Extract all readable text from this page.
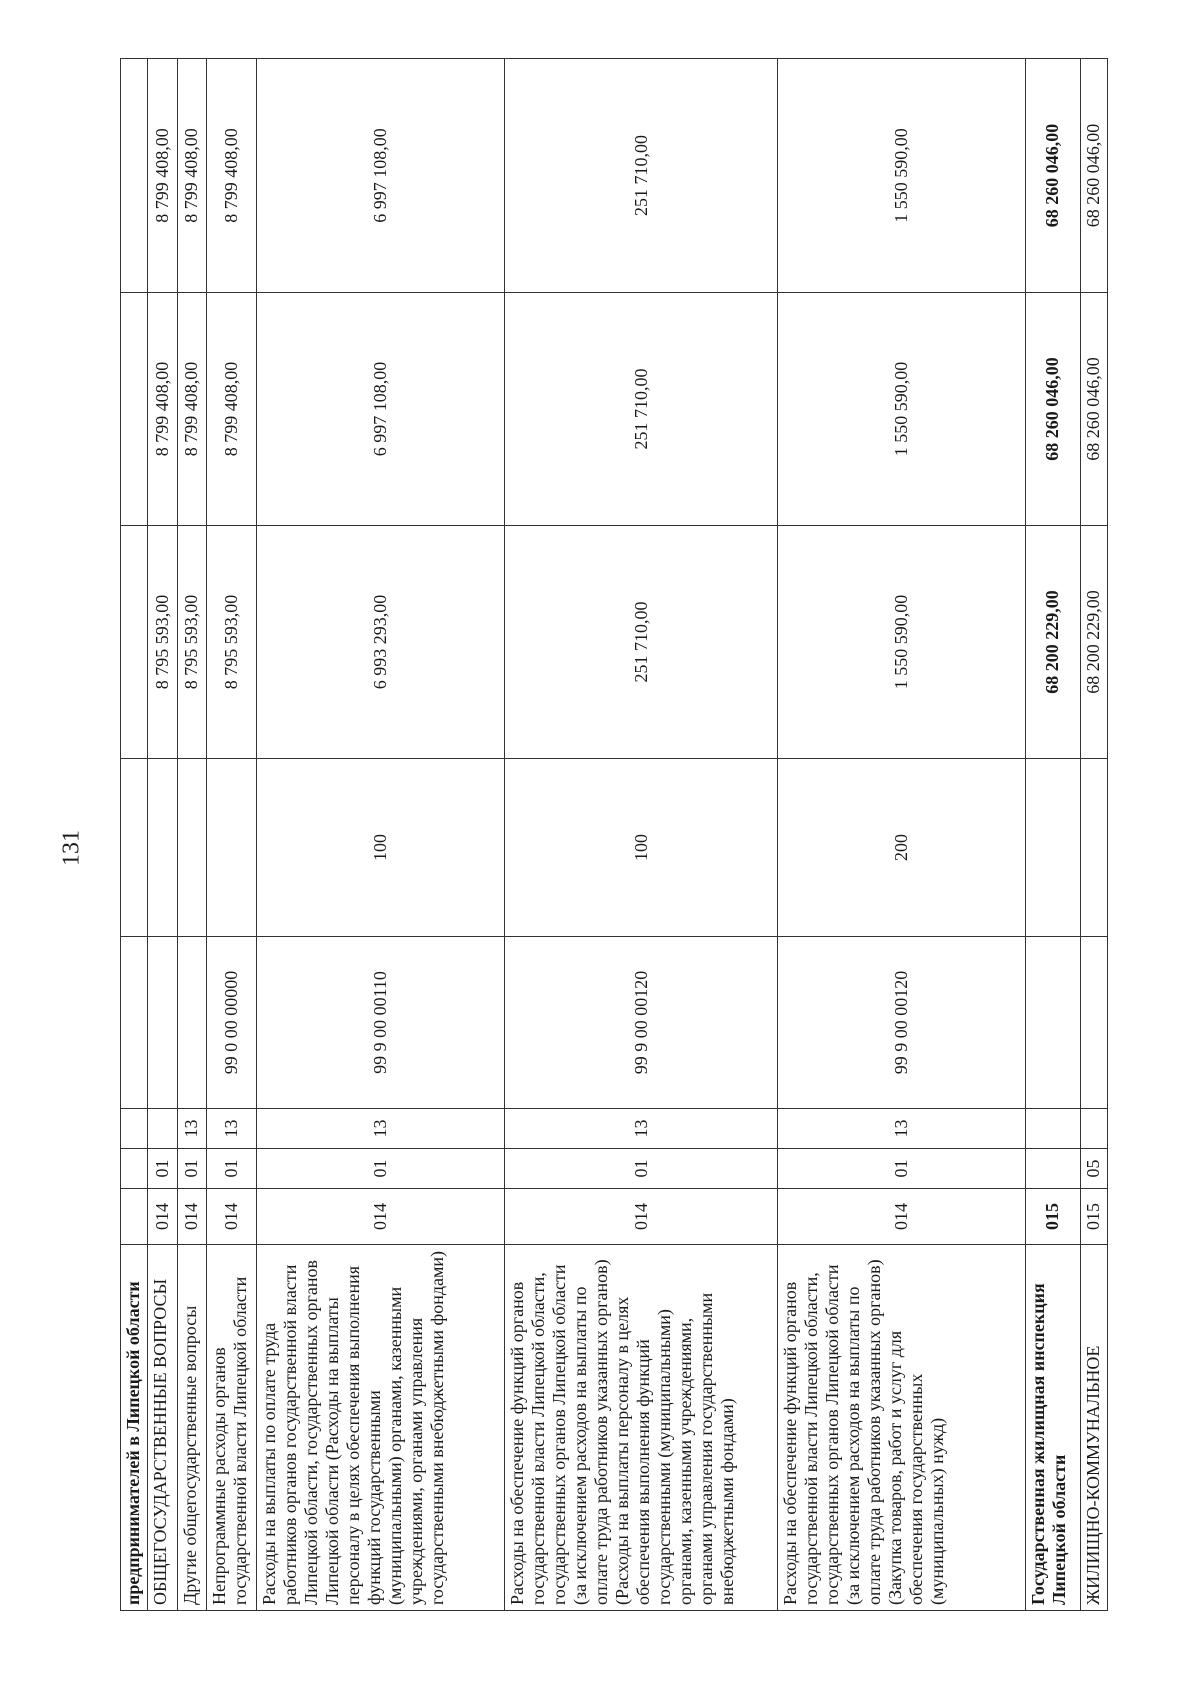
131
предпринимателей в Липецкой области								
ОБЩЕГОСУДАРСТВЕННЫЕ ВОПРОСЫ	014	01				8 795 593,00	8 799 408,00	8 799 408,00
Другие общегосударственные вопросы	014	01	13			8 795 593,00	8 799 408,00	8 799 408,00
Непрограммные расходы органов государственной власти Липецкой области	014	01	13	99 0 00 00000		8 795 593,00	8 799 408,00	8 799 408,00
Расходы на выплаты по оплате труда работников органов государственной власти Липецкой области, государственных органов Липецкой области (Расходы на выплаты персоналу в целях обеспечения выполнения функций государственными (муниципальными) органами, казенными учреждениями, органами управления государственными внебюджетными фондами)	014	01	13	99 9 00 00110	100	6 993 293,00	6 997 108,00	6 997 108,00
Расходы на обеспечение функций органов государственной власти Липецкой области, государственных органов Липецкой области (за исключением расходов на выплаты по оплате труда работников указанных органов) (Расходы на выплаты персоналу в целях обеспечения выполнения функций государственными (муниципальными) органами, казенными учреждениями, органами управления государственными внебюджетными фондами)	014	01	13	99 9 00 00120	100	251 710,00	251 710,00	251 710,00
Расходы на обеспечение функций органов государственной власти Липецкой области, государственных органов Липецкой области (за исключением расходов на выплаты по оплате труда работников указанных органов) (Закупка товаров, работ и услуг для обеспечения государственных (муниципальных) нужд)	014	01	13	99 9 00 00120	200	1 550 590,00	1 550 590,00	1 550 590,00
Государственная жилищная инспекция Липецкой области	015					68 200 229,00	68 260 046,00	68 260 046,00
ЖИЛИЩНО-КОММУНАЛЬНОЕ	015	05				68 200 229,00	68 260 046,00	68 260 046,00
